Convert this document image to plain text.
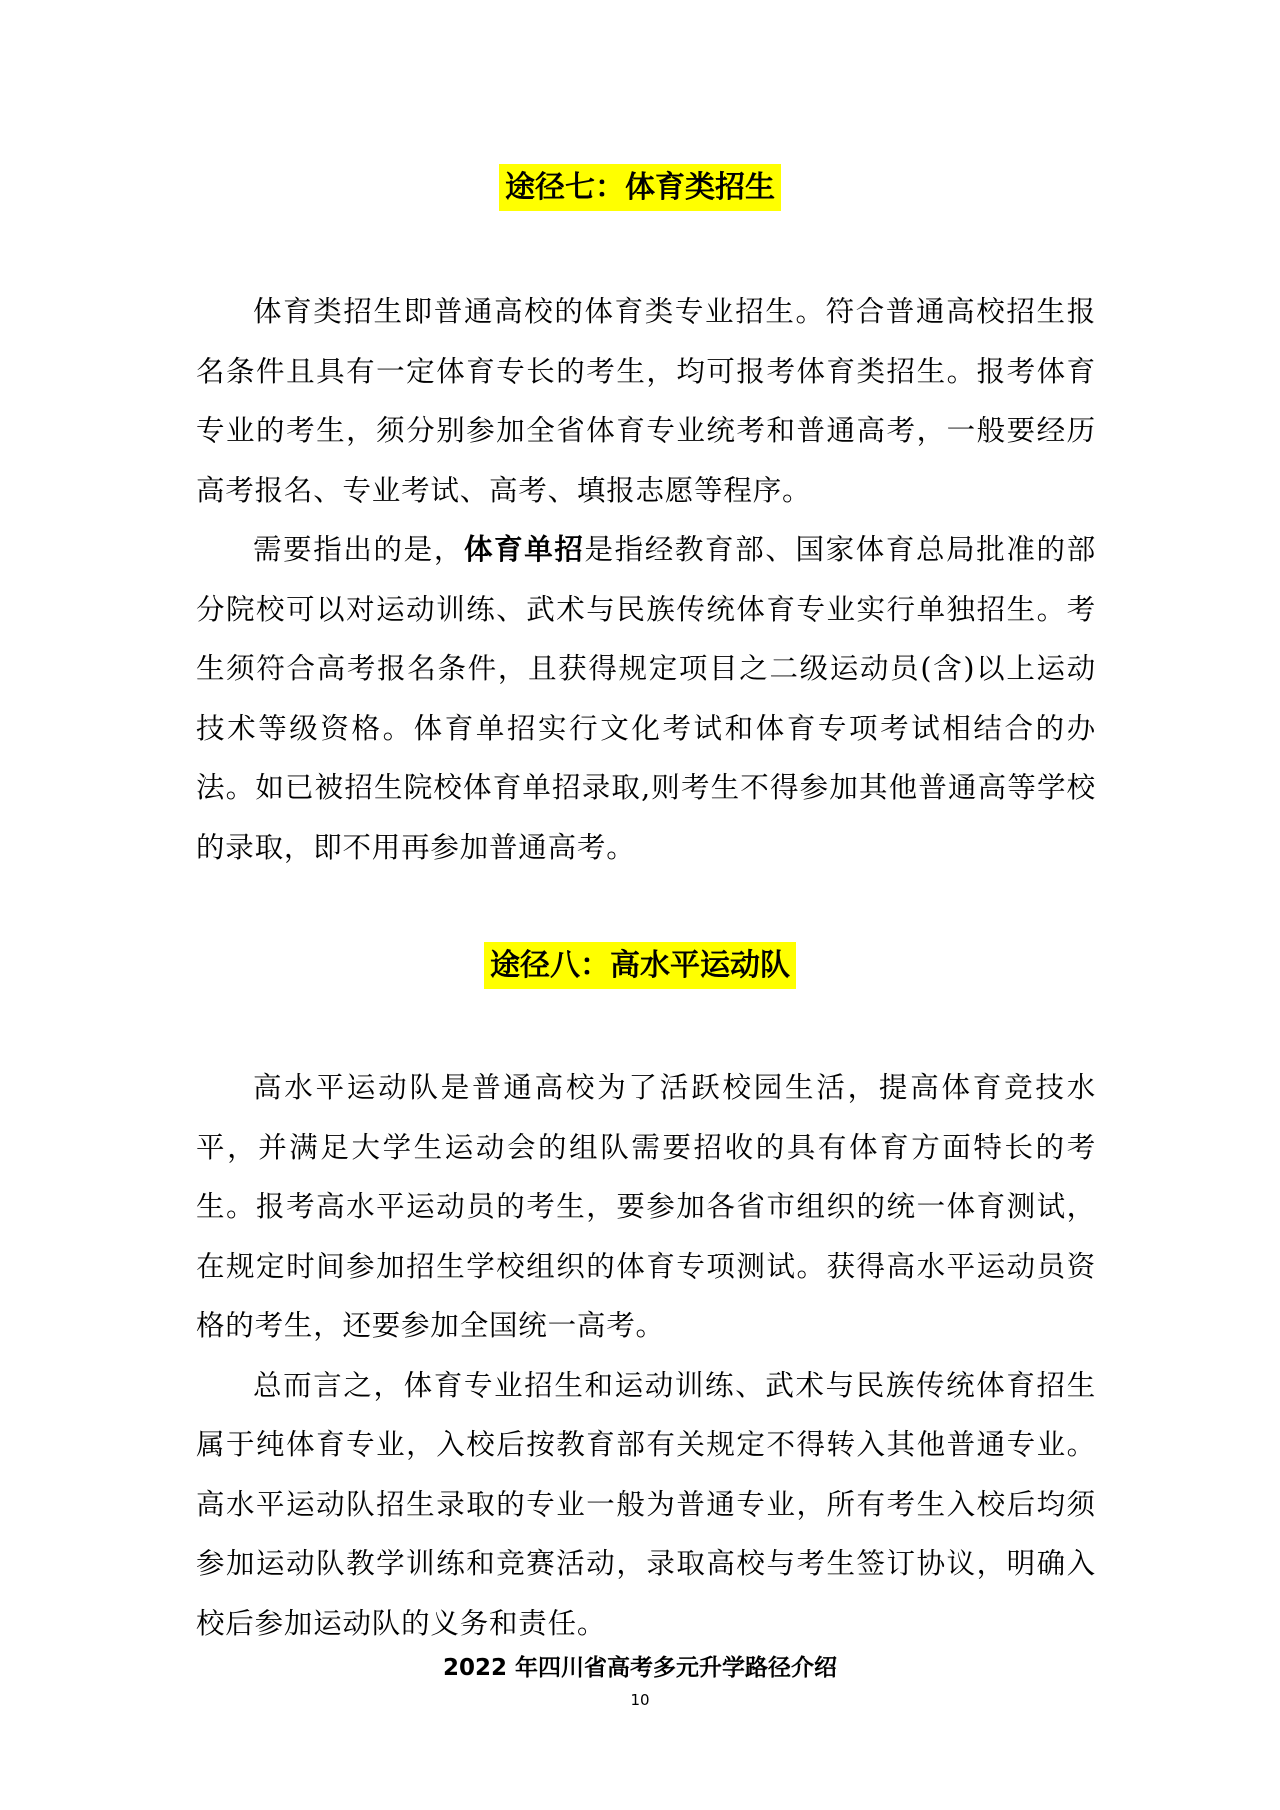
途径七：体育类招生

体育类招生即普通高校的体育类专业招生。符合普通高校招生报名条件且具有一定体育专长的考生，均可报考体育类招生。报考体育专业的考生，须分别参加全省体育专业统考和普通高考，一般要经历高考报名、专业考试、高考、填报志愿等程序。

需要指出的是，体育单招是指经教育部、国家体育总局批准的部分院校可以对运动训练、武术与民族传统体育专业实行单独招生。考生须符合高考报名条件，且获得规定项目之二级运动员(含)以上运动技术等级资格。体育单招实行文化考试和体育专项考试相结合的办法。如已被招生院校体育单招录取,则考生不得参加其他普通高等学校的录取，即不用再参加普通高考。

途径八：高水平运动队

高水平运动队是普通高校为了活跃校园生活，提高体育竞技水平，并满足大学生运动会的组队需要招收的具有体育方面特长的考生。报考高水平运动员的考生，要参加各省市组织的统一体育测试，在规定时间参加招生学校组织的体育专项测试。获得高水平运动员资格的考生，还要参加全国统一高考。

总而言之，体育专业招生和运动训练、武术与民族传统体育招生属于纯体育专业，入校后按教育部有关规定不得转入其他普通专业。高水平运动队招生录取的专业一般为普通专业，所有考生入校后均须参加运动队教学训练和竞赛活动，录取高校与考生签订协议，明确入校后参加运动队的义务和责任。

2022 年四川省高考多元升学路径介绍
10
